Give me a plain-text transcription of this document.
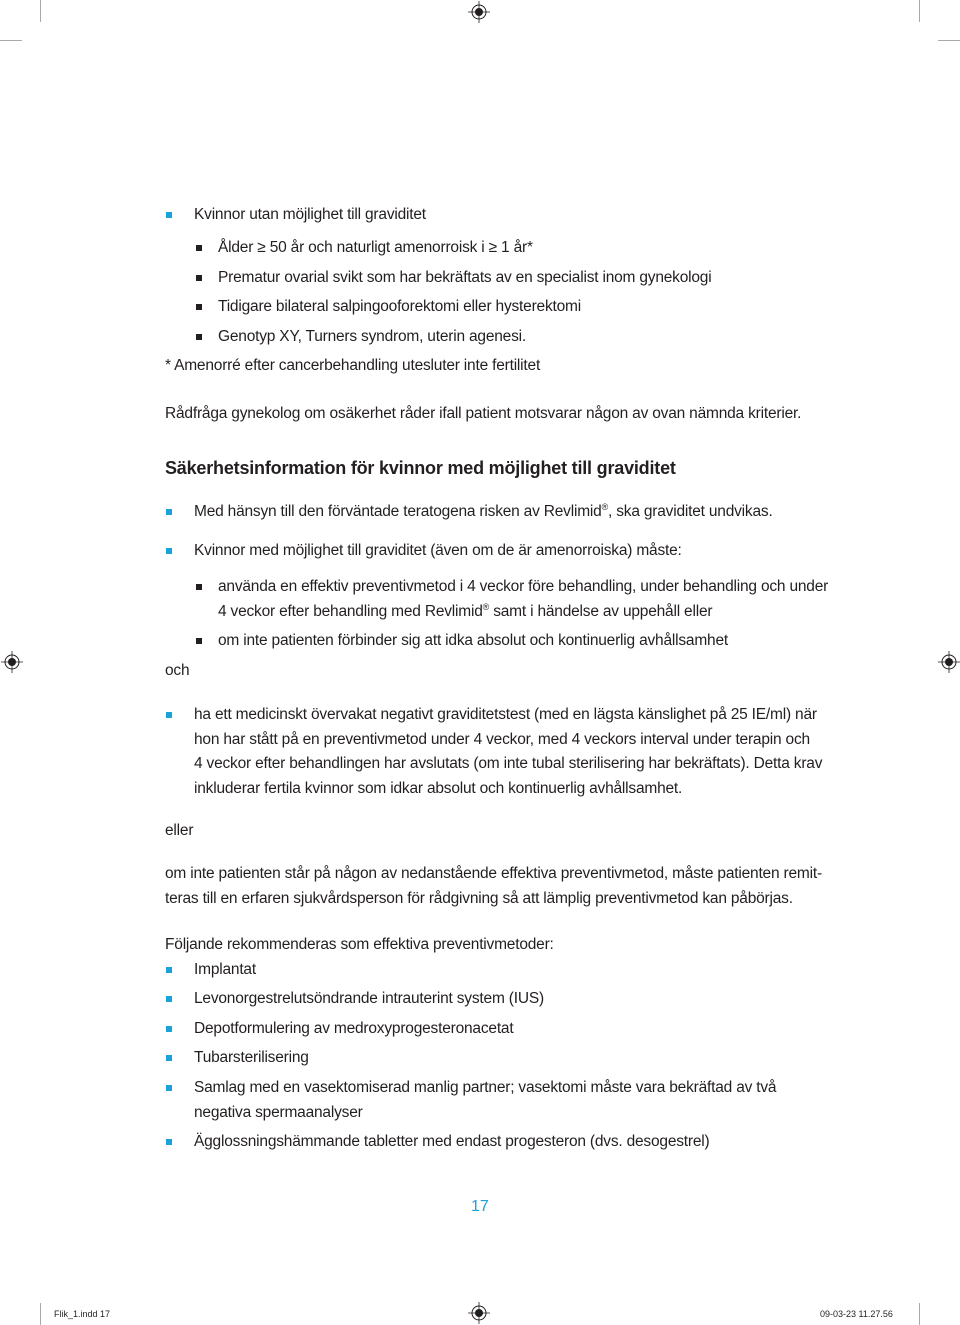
Kvinnor utan möjlighet till graviditet
Ålder ≥ 50 år och naturligt amenorroisk i ≥ 1 år*
Prematur ovarial svikt som har bekräftats av en specialist inom gynekologi
Tidigare bilateral salpingooforektomi eller hysterektomi
Genotyp XY, Turners syndrom, uterin agenesi.
* Amenorré efter cancerbehandling utesluter inte fertilitet
Rådfråga gynekolog om osäkerhet råder ifall patient motsvarar någon av ovan nämnda kriterier.
Säkerhetsinformation för kvinnor med möjlighet till graviditet
Med hänsyn till den förväntade teratogena risken av Revlimid®, ska graviditet undvikas.
Kvinnor med möjlighet till graviditet (även om de är amenorroiska) måste:
använda en effektiv preventivmetod i 4 veckor före behandling, under behandling och under
4 veckor efter behandling med Revlimid® samt i händelse av uppehåll eller
om inte patienten förbinder sig att idka absolut och kontinuerlig avhållsamhet
och
ha ett medicinskt övervakat negativt graviditetstest (med en lägsta känslighet på 25 IE/ml) när
hon har stått på en preventivmetod under 4 veckor, med 4 veckors interval under terapin och
4 veckor efter behandlingen har avslutats (om inte tubal sterilisering har bekräftats). Detta krav
inkluderar fertila kvinnor som idkar absolut och kontinuerlig avhållsamhet.
eller
om inte patienten står på någon av nedanstående effektiva preventivmetod, måste patienten remit-
teras till en erfaren sjukvårdsperson för rådgivning så att lämplig preventivmetod kan påbörjas.
Följande rekommenderas som effektiva preventivmetoder:
Implantat
Levonorgestrelutsöndrande intrauterint system (IUS)
Depotformulering av medroxyprogesteronacetat
Tubarsterilisering
Samlag med en vasektomiserad manlig partner; vasektomi måste vara bekräftad av två
negativa spermaanalyser
Ägglossningshämmande tabletter med endast progesteron (dvs. desogestrel)
17
Flik_1.indd 17	09-03-23 11.27.56
